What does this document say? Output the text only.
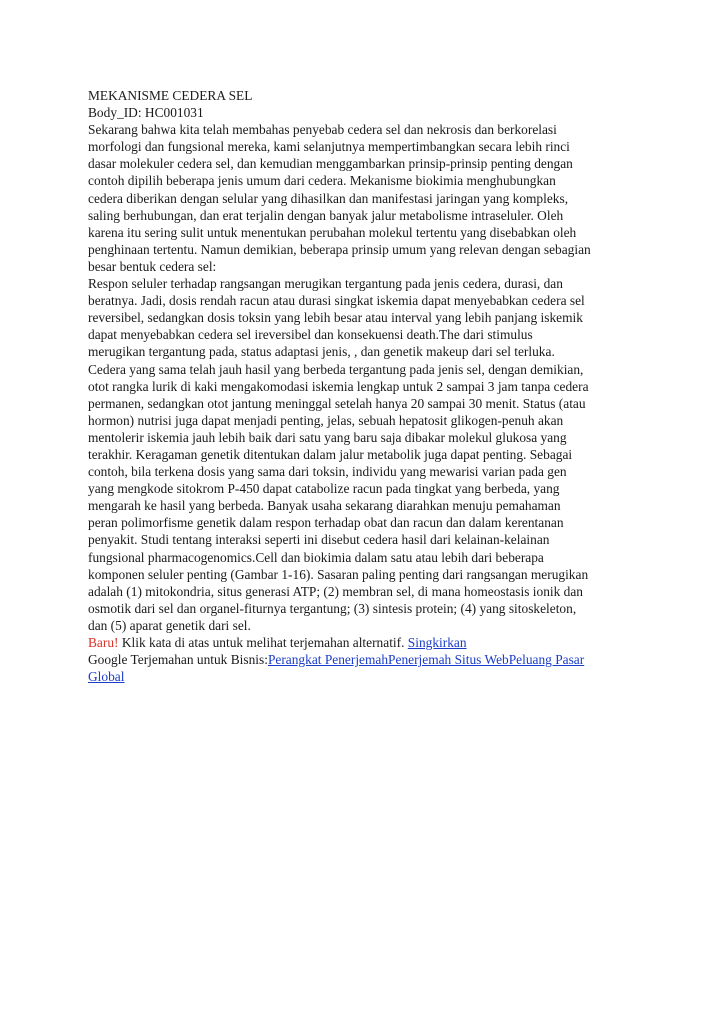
MEKANISME CEDERA SEL
Body_ID: HC001031
Sekarang bahwa kita telah membahas penyebab cedera sel dan nekrosis dan berkorelasi
morfologi dan fungsional mereka, kami selanjutnya mempertimbangkan secara lebih rinci
dasar molekuler cedera sel, dan kemudian menggambarkan prinsip-prinsip penting dengan
contoh dipilih beberapa jenis umum dari cedera. Mekanisme biokimia menghubungkan
cedera diberikan dengan selular yang dihasilkan dan manifestasi jaringan yang kompleks,
saling berhubungan, dan erat terjalin dengan banyak jalur metabolisme intraseluler. Oleh
karena itu sering sulit untuk menentukan perubahan molekul tertentu yang disebabkan oleh
penghinaan tertentu. Namun demikian, beberapa prinsip umum yang relevan dengan sebagian
besar bentuk cedera sel:
Respon seluler terhadap rangsangan merugikan tergantung pada jenis cedera, durasi, dan
beratnya. Jadi, dosis rendah racun atau durasi singkat iskemia dapat menyebabkan cedera sel
reversibel, sedangkan dosis toksin yang lebih besar atau interval yang lebih panjang iskemik
dapat menyebabkan cedera sel ireversibel dan konsekuensi death.The dari stimulus
merugikan tergantung pada, status adaptasi jenis, , dan genetik makeup dari sel terluka.
Cedera yang sama telah jauh hasil yang berbeda tergantung pada jenis sel, dengan demikian,
otot rangka lurik di kaki mengakomodasi iskemia lengkap untuk 2 sampai 3 jam tanpa cedera
permanen, sedangkan otot jantung meninggal setelah hanya 20 sampai 30 menit. Status (atau
hormon) nutrisi juga dapat menjadi penting, jelas, sebuah hepatosit glikogen-penuh akan
mentolerir iskemia jauh lebih baik dari satu yang baru saja dibakar molekul glukosa yang
terakhir. Keragaman genetik ditentukan dalam jalur metabolik juga dapat penting. Sebagai
contoh, bila terkena dosis yang sama dari toksin, individu yang mewarisi varian pada gen
yang mengkode sitokrom P-450 dapat catabolize racun pada tingkat yang berbeda, yang
mengarah ke hasil yang berbeda. Banyak usaha sekarang diarahkan menuju pemahaman
peran polimorfisme genetik dalam respon terhadap obat dan racun dan dalam kerentanan
penyakit. Studi tentang interaksi seperti ini disebut cedera hasil dari kelainan-kelainan
fungsional pharmacogenomics.Cell dan biokimia dalam satu atau lebih dari beberapa
komponen seluler penting (Gambar 1-16). Sasaran paling penting dari rangsangan merugikan
adalah (1) mitokondria, situs generasi ATP; (2) membran sel, di mana homeostasis ionik dan
osmotik dari sel dan organel-fiturnya tergantung; (3) sintesis protein; (4) yang sitoskeleton,
dan (5) aparat genetik dari sel.
Baru! Klik kata di atas untuk melihat terjemahan alternatif. Singkirkan
Google Terjemahan untuk Bisnis:Perangkat PenerjemahPenerjemah Situs WebPeluang Pasar
Global
